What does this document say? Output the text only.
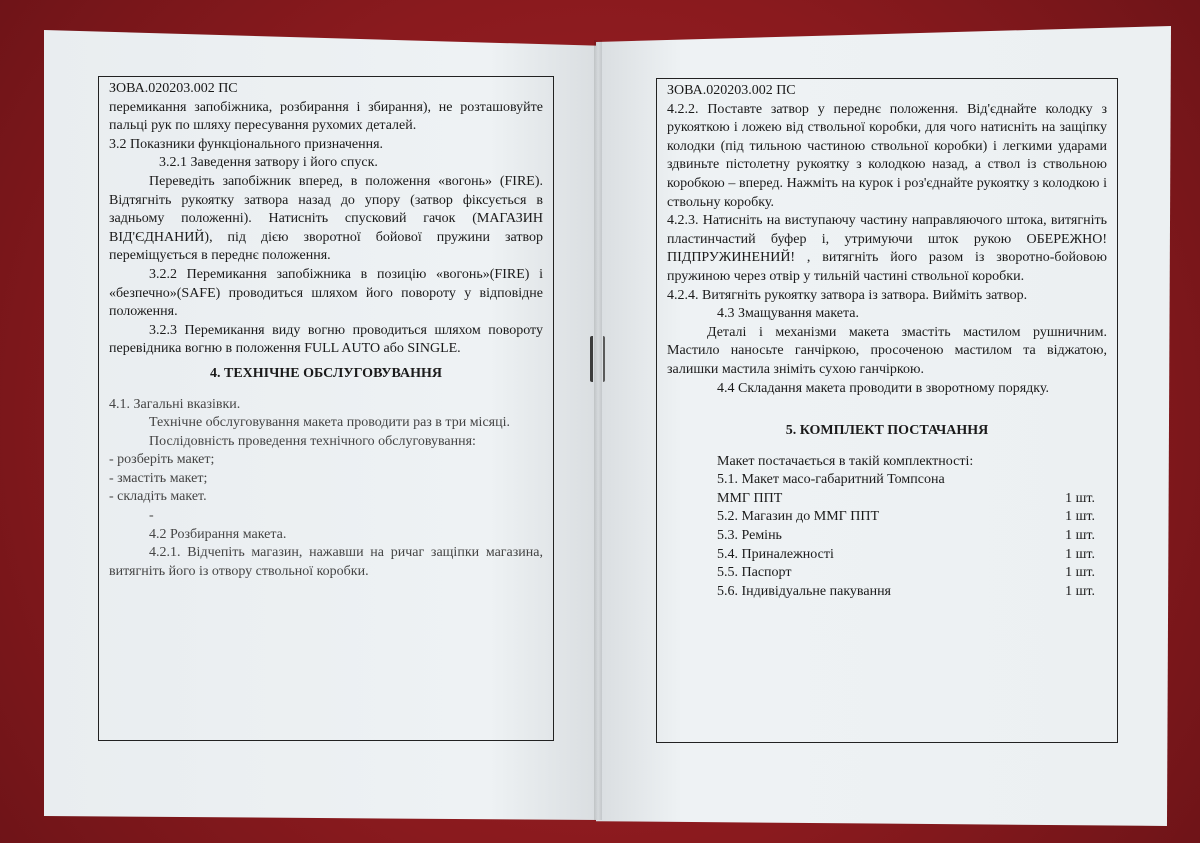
ЗОВА.020203.002 ПС

перемикання запобіжника, розбирання і збирання), не розташовуйте пальці рук по шляху пересування рухомих деталей.

3.2 Показники функціонального призначення.

3.2.1 Заведення затвору і його спуск.

Переведіть запобіжник вперед, в положення «вогонь» (FIRE). Відтягніть рукоятку затвора назад до упору (затвор фіксується в задньому положенні). Натисніть спусковий гачок (МАГАЗИН ВІД'ЄДНАНИЙ), під дією зворотної бойової пружини затвор переміщується в переднє положення.

3.2.2 Перемикання запобіжника в позицію «вогонь»(FIRE) і «безпечно»(SAFE) проводиться шляхом його повороту у відповідне положення.

3.2.3 Перемикання виду вогню проводиться шляхом повороту перевідника вогню в положення FULL AUTO або SINGLE.

4. ТЕХНІЧНЕ ОБСЛУГОВУВАННЯ

4.1. Загальні вказівки.

Технічне обслуговування макета проводити раз в три місяці.

Послідовність проведення технічного обслуговування:

- розберіть макет;

- змастіть макет;

- складіть макет.

-

4.2 Розбирання макета.

4.2.1. Відчепіть магазин, нажавши на ричаг защіпки магазина, витягніть його із отвору ствольної коробки.

ЗОВА.020203.002 ПС

4.2.2. Поставте затвор у переднє положення. Від'єднайте колодку з рукояткою і ложею від ствольної коробки, для чого натисніть на защіпку колодки (під тильною частиною ствольної коробки) і легкими ударами здвиньте пістолетну рукоятку з колодкою назад, а ствол із ствольною коробкою – вперед. Нажміть на курок і роз'єднайте рукоятку з колодкою і ствольну коробку.

4.2.3. Натисніть на виступаючу частину направляючого штока, витягніть пластинчастий буфер і, утримуючи шток рукою ОБЕРЕЖНО! ПІДПРУЖИНЕНИЙ! , витягніть його разом із зворотно-бойовою пружиною через отвір у тильній частині ствольної коробки.

4.2.4. Витягніть рукоятку затвора із затвора. Вийміть затвор.

4.3 Змащування макета.

Деталі і механізми макета змастіть мастилом рушничним. Мастило наносьте ганчіркою, просоченою мастилом та віджатою, залишки мастила зніміть сухою ганчіркою.

4.4 Складання макета проводити в зворотному порядку.

5. КОМПЛЕКТ ПОСТАЧАННЯ

Макет постачається в такій комплектності:

5.1. Макет масо-габаритний Томпсона

ММГ ППТ	1 шт.
5.2. Магазин до ММГ ППТ	1 шт.
5.3. Ремінь	1 шт.
5.4. Приналежності	1 шт.
5.5. Паспорт	1 шт.
5.6. Індивідуальне пакування	1 шт.
